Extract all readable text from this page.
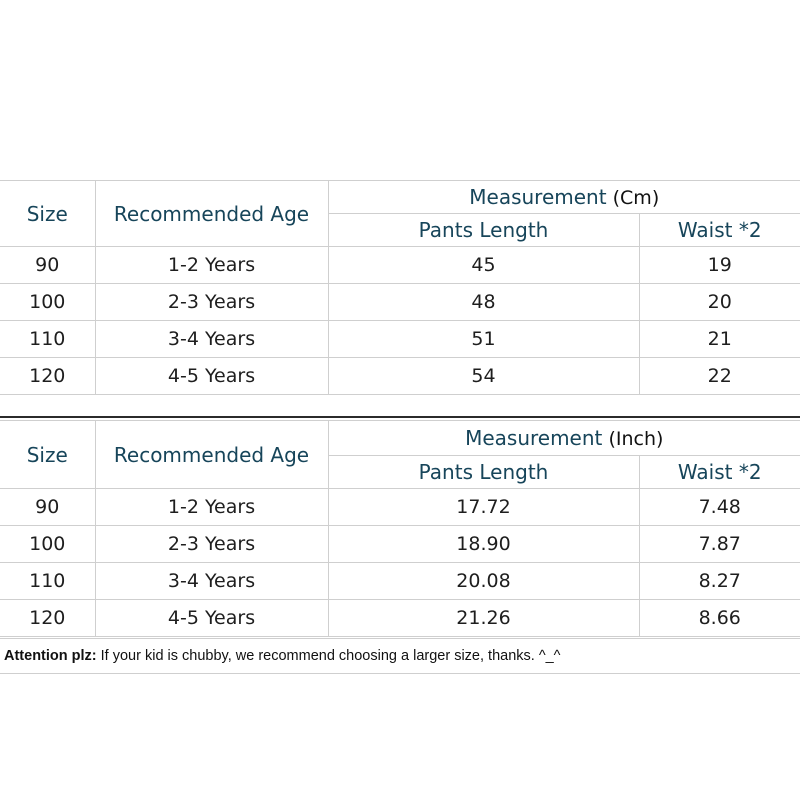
Size	Recommended Age	Measurement (Cm)	
		Pants Length	Waist *2
90	1-2 Years	45	19
100	2-3 Years	48	20
110	3-4 Years	51	21
120	4-5 Years	54	22
Size	Recommended Age	Measurement (Inch)	
		Pants Length	Waist *2
90	1-2 Years	17.72	7.48
100	2-3 Years	18.90	7.87
110	3-4 Years	20.08	8.27
120	4-5 Years	21.26	8.66
Attention plz: If your kid is chubby, we recommend choosing a larger size, thanks. ^_^
